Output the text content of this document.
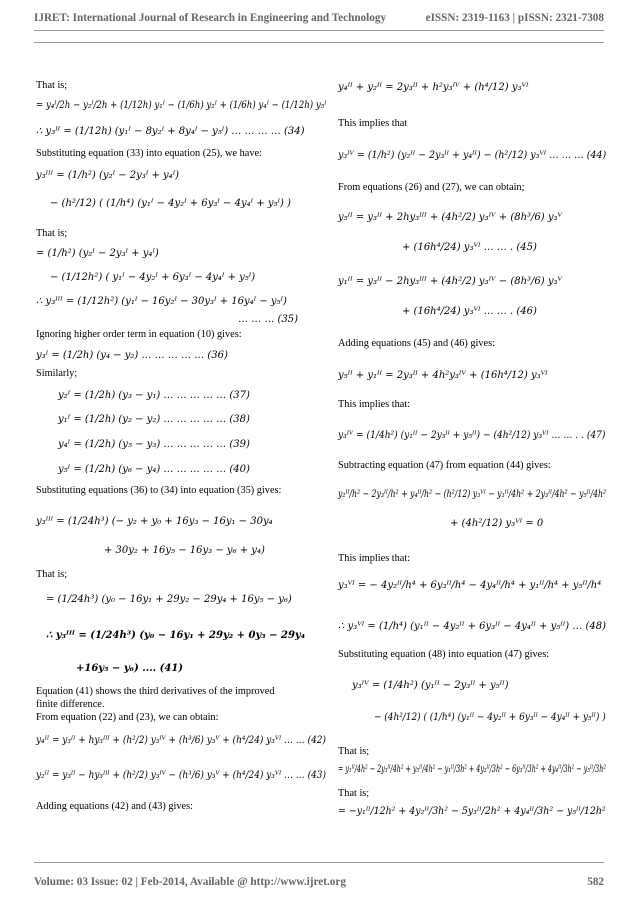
IJRET: International Journal of Research in Engineering and Technology	eISSN: 2319-1163 | pISSN: 2321-7308
That is;
= y₄ᴵ/2h − y₂ᴵ/2h + (1/12h) y₁ᴵ − (1/6h) y₂ᴵ + (1/6h) y₄ᴵ − (1/12h) y₅ᴵ
∴ y₃ᴵᴵ = (1/12h) (y₁ᴵ − 8y₂ᴵ + 8y₄ᴵ − y₅ᴵ) … … … … (34)
Substituting equation (33) into equation (25), we have:
y₃ᴵᴵᴵ = (1/h²) (y₂ᴵ − 2y₃ᴵ + y₄ᴵ)
− (h²/12) ( (1/h⁴) (y₁ᴵ − 4y₂ᴵ + 6y₃ᴵ − 4y₄ᴵ + y₅ᴵ) )
That is;
= (1/h²) (y₂ᴵ − 2y₃ᴵ + y₄ᴵ)
− (1/12h²) ( y₁ᴵ − 4y₂ᴵ + 6y₃ᴵ − 4y₄ᴵ + y₅ᴵ)
∴ y₃ᴵᴵᴵ = (1/12h²) (y₁ᴵ − 16y₂ᴵ − 30y₃ᴵ + 16y₄ᴵ − y₅ᴵ)
… … … (35)
Ignoring higher order term in equation (10) gives:
y₃ᴵ = (1/2h) (y₄ − y₂) … … … … … (36)
Similarly;
y₂ᴵ = (1/2h) (y₃ − y₁) … … … … … (37)
y₁ᴵ = (1/2h) (y₂ − y₂) … … … … … (38)
y₄ᴵ = (1/2h) (y₅ − y₃) … … … … … (39)
y₅ᴵ = (1/2h) (y₆ − y₄) … … … … … (40)
Substituting equations (36) to (34) into equation (35) gives:
y₃ᴵᴵᴵ = (1/24h³) (− y₂ + y₀ + 16y₃ − 16y₁ − 30y₄
+ 30y₂ + 16y₅ − 16y₃ − y₆ + y₄)
That is;
= (1/24h³) (y₀ − 16y₁ + 29y₂ − 29y₄ + 16y₅ − y₆)
∴ y₃ᴵᴵᴵ = (1/24h³) (y₀ − 16y₁ + 29y₂ + 0y₃ − 29y₄
+16y₅ − y₆) .... (41)
Equation (41) shows the third derivatives of the improved
finite difference.
From equation (22) and (23), we can obtain:
y₄ᴵᴵ = y₃ᴵᴵ + hy₃ᴵᴵᴵ + (h²/2) y₃ᴵⱽ + (h³/6) y₃ⱽ + (h⁴/24) y₃ⱽᴵ … … (42)
y₂ᴵᴵ = y₃ᴵᴵ − hy₃ᴵᴵᴵ + (h²/2) y₃ᴵⱽ − (h³/6) y₃ⱽ + (h⁴/24) y₃ⱽᴵ … … (43)
Adding equations (42) and (43) gives:
y₄ᴵᴵ + y₂ᴵᴵ = 2y₃ᴵᴵ + h²y₃ᴵⱽ + (h⁴/12) y₃ⱽᴵ
This implies that
y₃ᴵⱽ = (1/h²) (y₂ᴵᴵ − 2y₃ᴵᴵ + y₄ᴵᴵ) − (h²/12) y₃ⱽᴵ … … … (44)
From equations (26) and (27), we can obtain;
y₅ᴵᴵ = y₃ᴵᴵ + 2hy₃ᴵᴵᴵ + (4h²/2) y₃ᴵⱽ + (8h³/6) y₃ⱽ
+ (16h⁴/24) y₃ⱽᴵ … … . (45)
y₁ᴵᴵ = y₃ᴵᴵ − 2hy₃ᴵᴵᴵ + (4h²/2) y₃ᴵⱽ − (8h³/6) y₃ⱽ
+ (16h⁴/24) y₃ⱽᴵ … … . (46)
Adding equations (45) and (46) gives:
y₅ᴵᴵ + y₁ᴵᴵ = 2y₃ᴵᴵ + 4h²y₃ᴵⱽ + (16h⁴/12) y₃ⱽᴵ
This implies that:
y₃ᴵⱽ = (1/4h²) (y₁ᴵᴵ − 2y₃ᴵᴵ + y₅ᴵᴵ) − (4h²/12) y₃ⱽᴵ … … . . (47)
Subtracting equation (47) from equation (44) gives:
y₂ᴵᴵ/h² − 2y₃ᴵᴵ/h² + y₄ᴵᴵ/h² − (h²/12) y₃ⱽᴵ − y₁ᴵᴵ/4h² + 2y₃ᴵᴵ/4h² − y₅ᴵᴵ/4h²
+ (4h²/12) y₃ⱽᴵ = 0
This implies that:
y₃ⱽᴵ = − 4y₂ᴵᴵ/h⁴ + 6y₃ᴵᴵ/h⁴ − 4y₄ᴵᴵ/h⁴ + y₁ᴵᴵ/h⁴ + y₅ᴵᴵ/h⁴
∴ y₃ⱽᴵ = (1/h⁴) (y₁ᴵᴵ − 4y₂ᴵᴵ + 6y₃ᴵᴵ − 4y₄ᴵᴵ + y₅ᴵᴵ) … (48)
Substituting equation (48) into equation (47) gives:
y₃ᴵⱽ = (1/4h²) (y₁ᴵᴵ − 2y₃ᴵᴵ + y₅ᴵᴵ)
− (4h²/12) ( (1/h⁴) (y₁ᴵᴵ − 4y₂ᴵᴵ + 6y₃ᴵᴵ − 4y₄ᴵᴵ + y₅ᴵᴵ) )
That is;
= y₁ᴵᴵ/4h² − 2y₃ᴵᴵ/4h² + y₅ᴵᴵ/4h² − y₁ᴵᴵ/3h² + 4y₂ᴵᴵ/3h² − 6y₃ᴵᴵ/3h² + 4y₄ᴵᴵ/3h² − y₅ᴵᴵ/3h²
That is;
= −y₁ᴵᴵ/12h² + 4y₂ᴵᴵ/3h² − 5y₃ᴵᴵ/2h² + 4y₄ᴵᴵ/3h² − y₅ᴵᴵ/12h²
Volume: 03 Issue: 02 | Feb-2014, Available @ http://www.ijret.org	582
